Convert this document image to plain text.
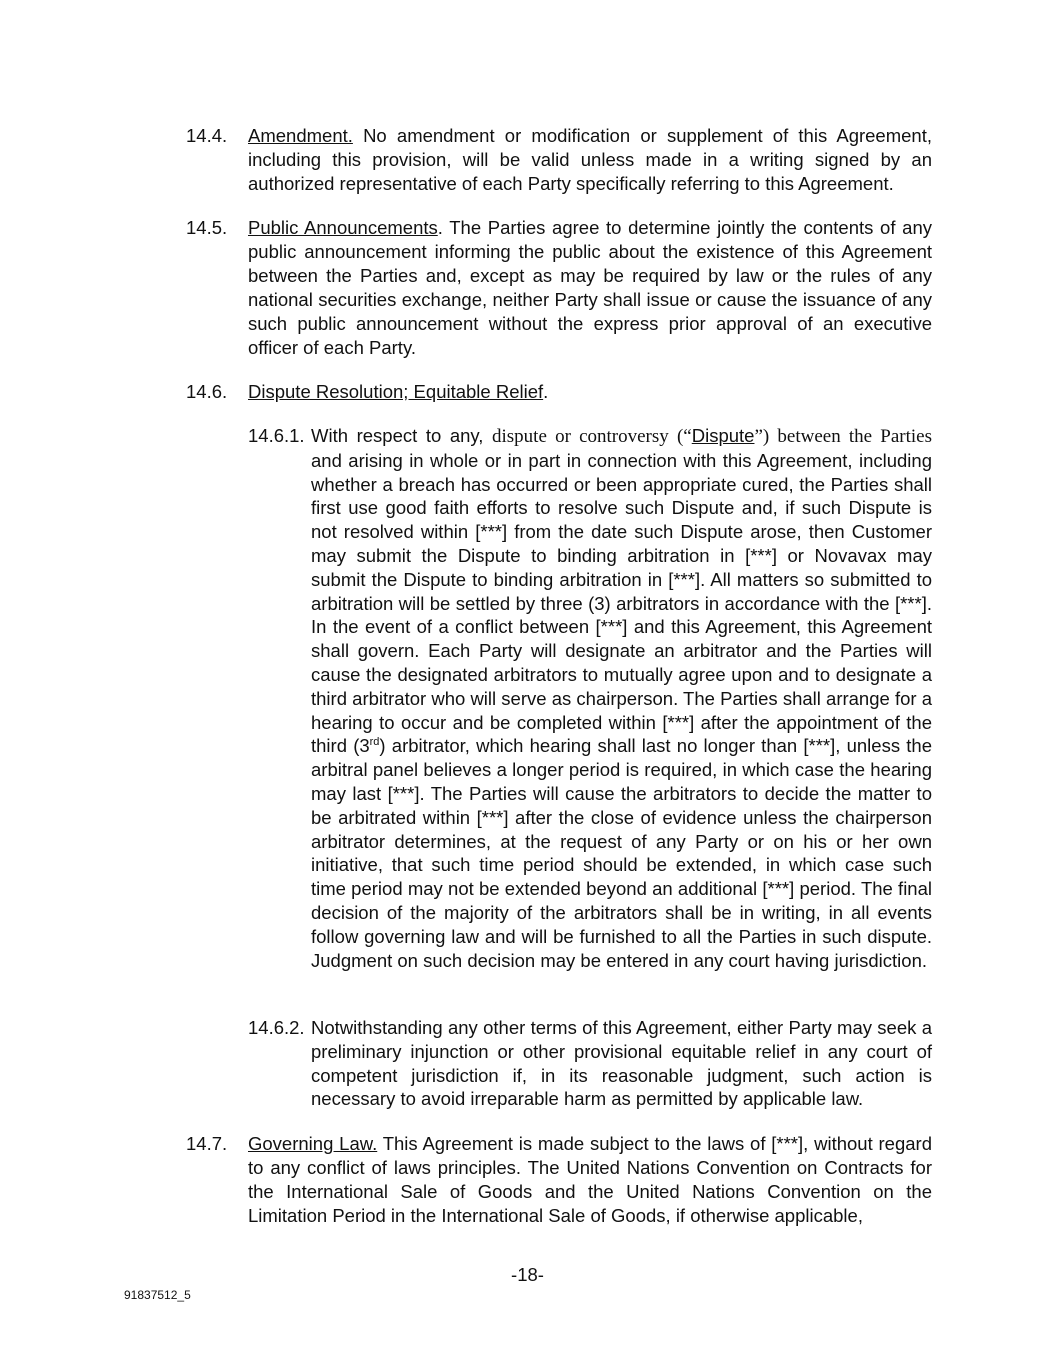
14.4. Amendment. No amendment or modification or supplement of this Agreement, including this provision, will be valid unless made in a writing signed by an authorized representative of each Party specifically referring to this Agreement.
14.5. Public Announcements. The Parties agree to determine jointly the contents of any public announcement informing the public about the existence of this Agreement between the Parties and, except as may be required by law or the rules of any national securities exchange, neither Party shall issue or cause the issuance of any such public announcement without the express prior approval of an executive officer of each Party.
14.6. Dispute Resolution; Equitable Relief.
14.6.1. With respect to any, dispute or controversy (“Dispute”) between the Parties and arising in whole or in part in connection with this Agreement, including whether a breach has occurred or been appropriate cured, the Parties shall first use good faith efforts to resolve such Dispute and, if such Dispute is not resolved within [***] from the date such Dispute arose, then Customer may submit the Dispute to binding arbitration in [***] or Novavax may submit the Dispute to binding arbitration in [***]. All matters so submitted to arbitration will be settled by three (3) arbitrators in accordance with the [***]. In the event of a conflict between [***] and this Agreement, this Agreement shall govern. Each Party will designate an arbitrator and the Parties will cause the designated arbitrators to mutually agree upon and to designate a third arbitrator who will serve as chairperson. The Parties shall arrange for a hearing to occur and be completed within [***] after the appointment of the third (3rd) arbitrator, which hearing shall last no longer than [***], unless the arbitral panel believes a longer period is required, in which case the hearing may last [***]. The Parties will cause the arbitrators to decide the matter to be arbitrated within [***] after the close of evidence unless the chairperson arbitrator determines, at the request of any Party or on his or her own initiative, that such time period should be extended, in which case such time period may not be extended beyond an additional [***] period. The final decision of the majority of the arbitrators shall be in writing, in all events follow governing law and will be furnished to all the Parties in such dispute. Judgment on such decision may be entered in any court having jurisdiction.
14.6.2. Notwithstanding any other terms of this Agreement, either Party may seek a preliminary injunction or other provisional equitable relief in any court of competent jurisdiction if, in its reasonable judgment, such action is necessary to avoid irreparable harm as permitted by applicable law.
14.7. Governing Law. This Agreement is made subject to the laws of [***], without regard to any conflict of laws principles. The United Nations Convention on Contracts for the International Sale of Goods and the United Nations Convention on the Limitation Period in the International Sale of Goods, if otherwise applicable,
-18-
91837512_5
